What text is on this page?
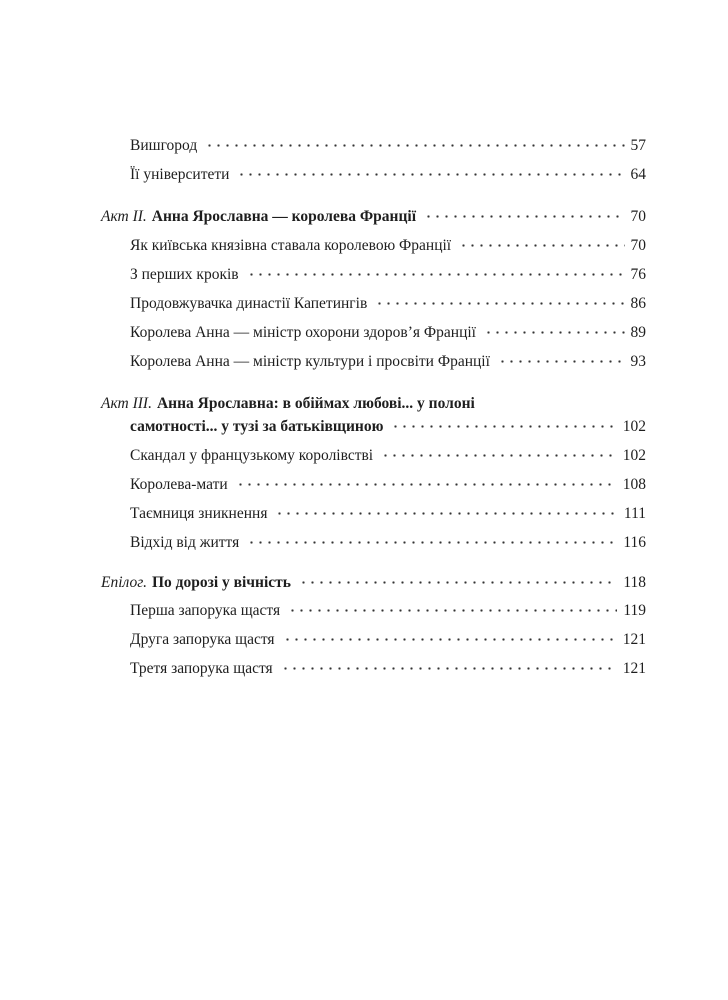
Вишгород	57
Її університети	64
Акт ІІ. Анна Ярославна — королева Франції	70
Як київська князівна ставала королевою Франції	70
З перших кроків	76
Продовжувачка династії Капетингів	86
Королева Анна — міністр охорони здоров’я Франції	89
Королева Анна — міністр культури і просвіти Франції	93
Акт ІІІ. Анна Ярославна: в обіймах любові... у полоні
самотності... у тузі за батьківщиною	102
Скандал у французькому королівстві	102
Королева-мати	108
Таємниця зникнення	111
Відхід від життя	116
Епілог. По дорозі у вічність	118
Перша запорука щастя	119
Друга запорука щастя	121
Третя запорука щастя	121
